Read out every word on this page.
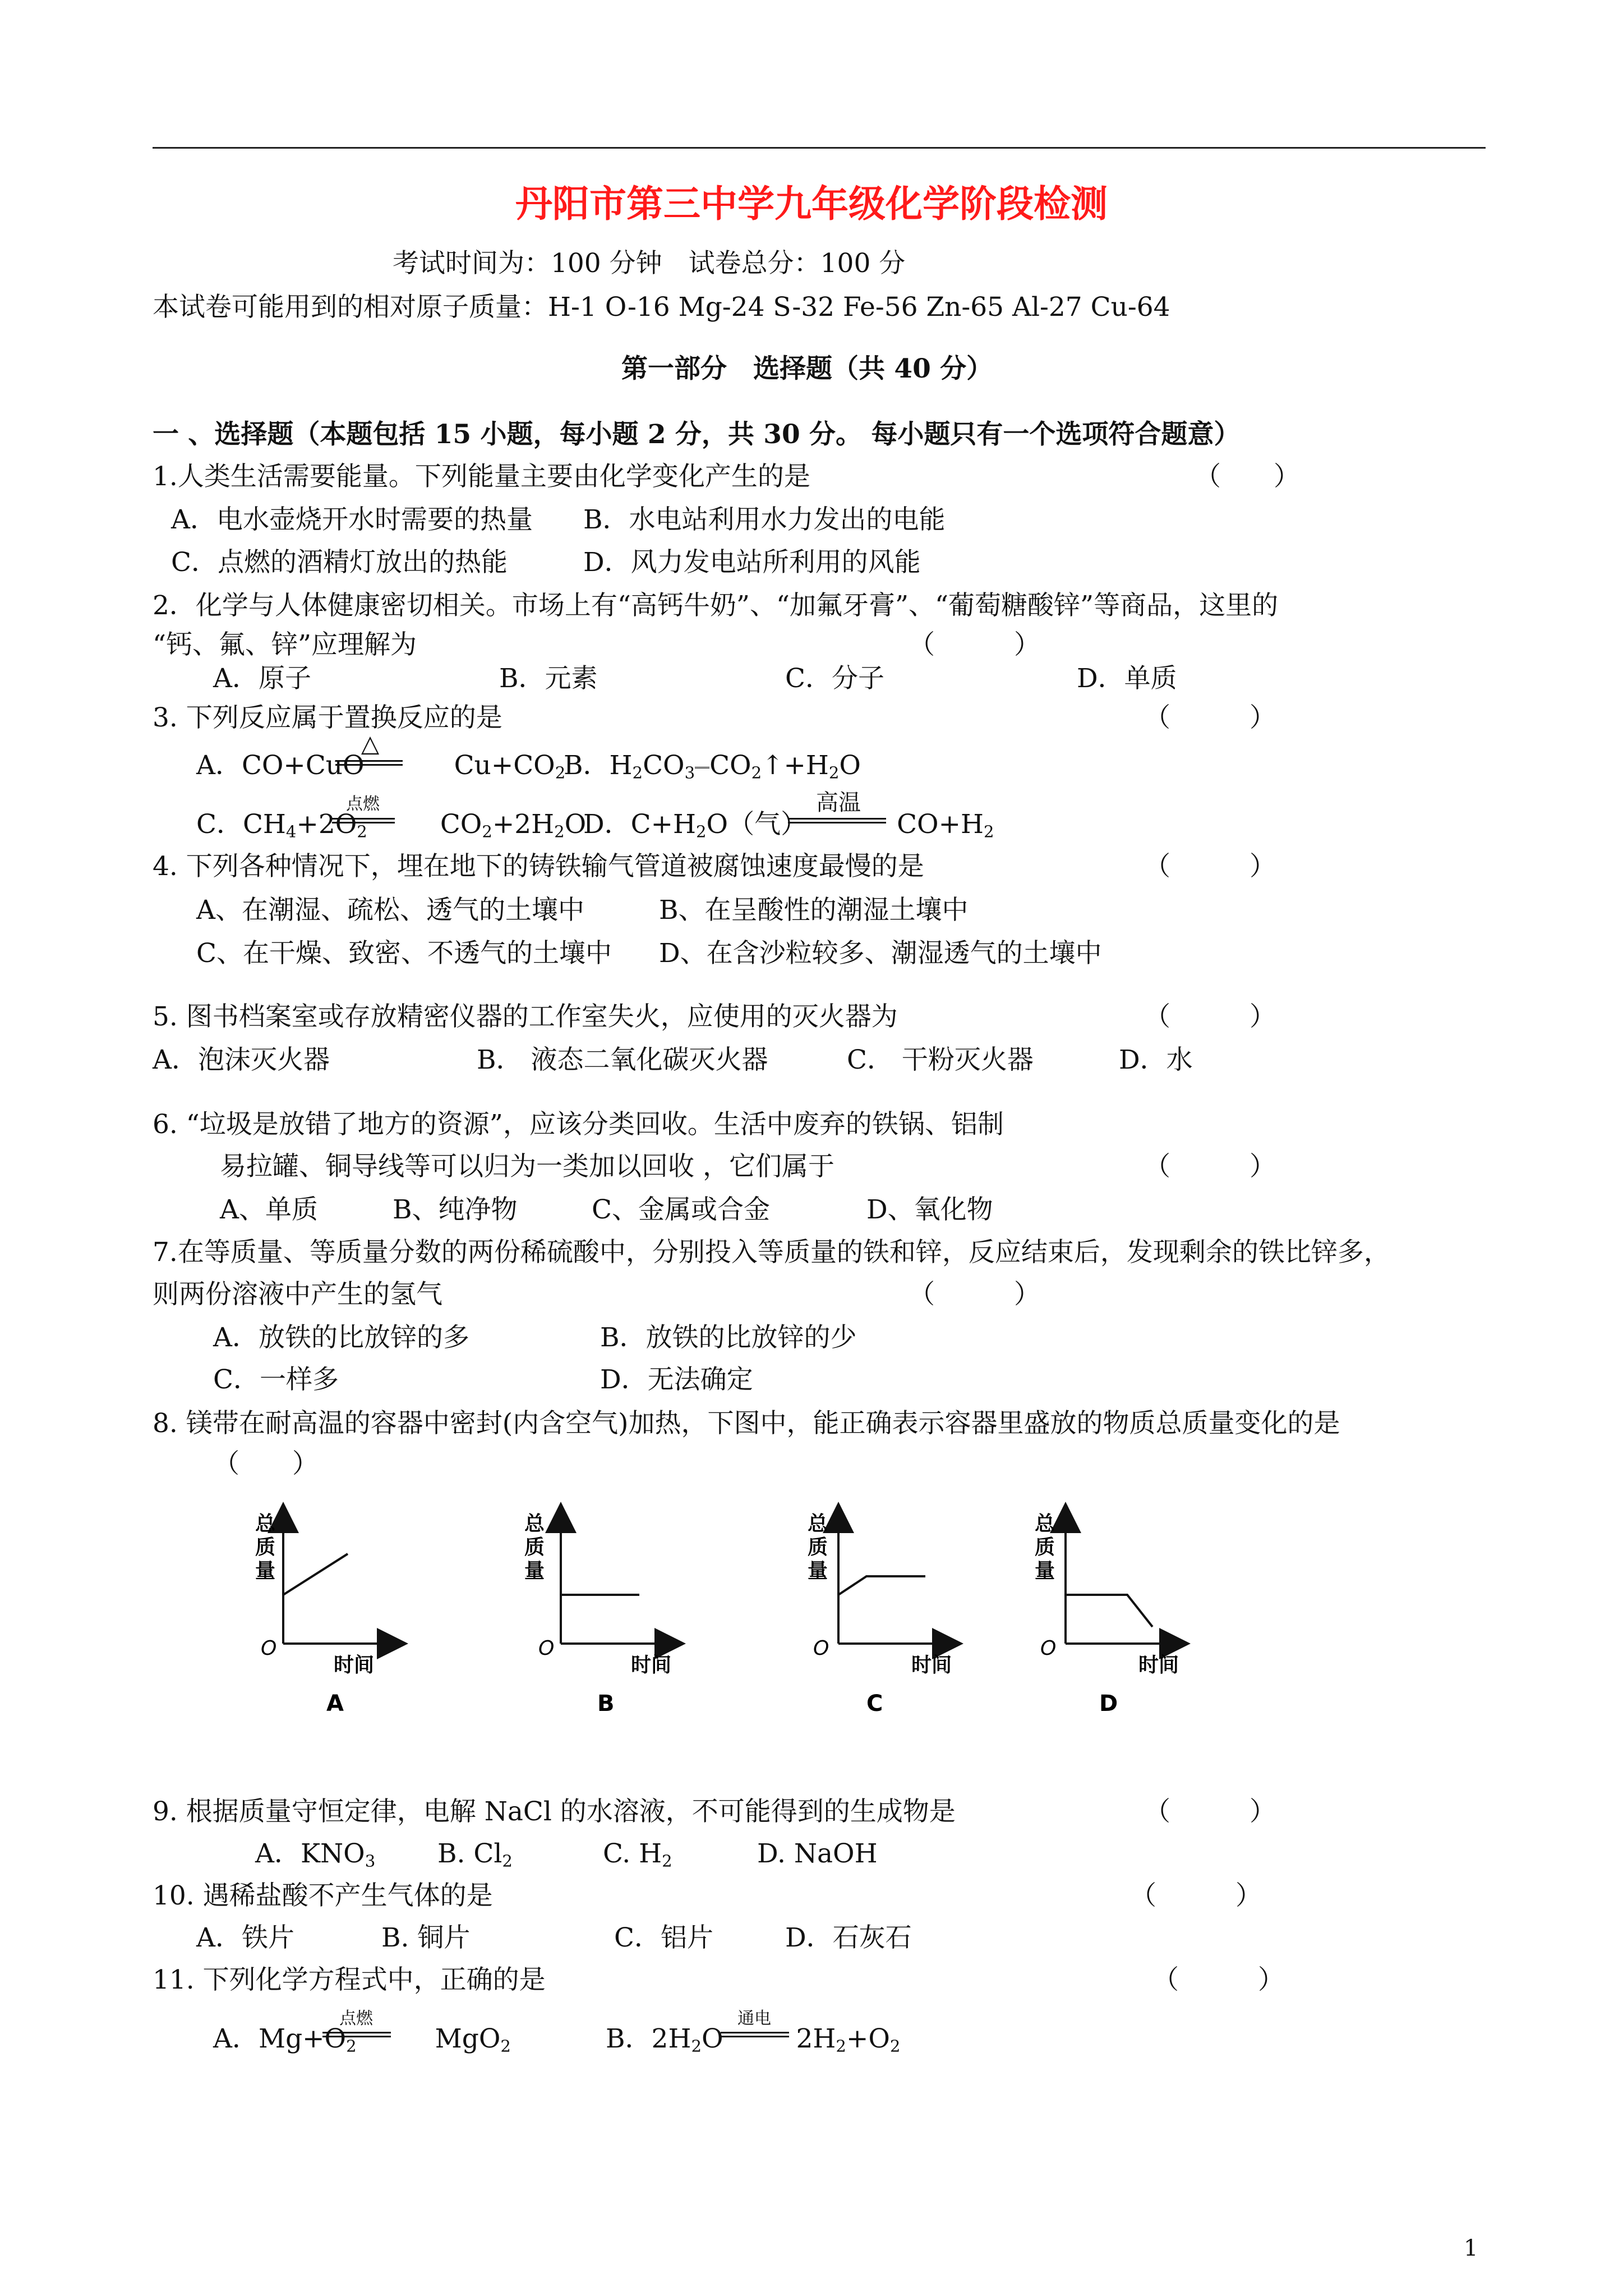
丹阳市第三中学九年级化学阶段检测
考试时间为：100 分钟　试卷总分：100 分
本试卷可能用到的相对原子质量：H-1 O-16 Mg-24 S-32 Fe-56 Zn-65 Al-27 Cu-64
第一部分　选择题（共 40 分）
一 、选择题（本题包括 15 小题，每小题 2 分，共 30 分。 每小题只有一个选项符合题意）
1.人类生活需要能量。下列能量主要由化学变化产生的是	（　　）
A．电水壶烧开水时需要的热量 B．水电站利用水力发出的电能
C．点燃的酒精灯放出的热能	D．风力发电站所利用的风能
2．化学与人体健康密切相关。市场上有“高钙牛奶”、“加氟牙膏”、“葡萄糖酸锌”等商品，这里的
“钙、氟、锌”应理解为	（　　　）
A．原子	B．元素	C．分子	D．单质
3. 下列反应属于置换反应的是	（　　　）
A．CO+CuO	$Cu+CO_2$
△
B．$H_2CO_3$ $CO_2↑+H_2O$
C．$CH_4+2O_2$	$CO_2+2H_2O$
点燃
D．$C+H_2O$（气）	$CO+H_2$
高温
4. 下列各种情况下，埋在地下的铸铁输气管道被腐蚀速度最慢的是	（　　　）
A、在潮湿、疏松、透气的土壤中	B、在呈酸性的潮湿土壤中
C、在干燥、致密、不透气的土壤中 D、在含沙粒较多、潮湿透气的土壤中
5. 图书档案室或存放精密仪器的工作室失火，应使用的灭火器为	（　　　）
A．泡沫灭火器	B． 液态二氧化碳灭火器	C． 干粉灭火器	D．水
6. “垃圾是放错了地方的资源”，应该分类回收。生活中废弃的铁锅、铝制
易拉罐、铜导线等可以归为一类加以回收 ，它们属于	（　　　）
A、单质	B、纯净物	C、金属或合金	D、氧化物
7.在等质量、等质量分数的两份稀硫酸中，分别投入等质量的铁和锌，反应结束后，发现剩余的铁比锌多，
则两份溶液中产生的氢气	（　　　）
A．放铁的比放锌的多	B．放铁的比放锌的少
C．一样多	D．无法确定
8. 镁带在耐高温的容器中密封(内含空气)加热，下图中，能正确表示容器里盛放的物质总质量变化的是
（　　）
总
质
量
O
时间
A
总
质
量
O
时间
B
总
质
量
O
时间
C
总
质
量
O
时间
D
9. 根据质量守恒定律，电解 NaCl 的水溶液，不可能得到的生成物是	（　　　）
A．$KNO_3$ B. $Cl_2$	C. $H_2$	D. NaOH
10. 遇稀盐酸不产生气体的是	（　　　）
A．铁片	B. 铜片	C．铝片	D．石灰石
11. 下列化学方程式中，正确的是	（　　　）
A．$Mg+O_2$	MgO$_2$
点燃
B．$2H_2O$	$2H_2+O_2$
通电
1
